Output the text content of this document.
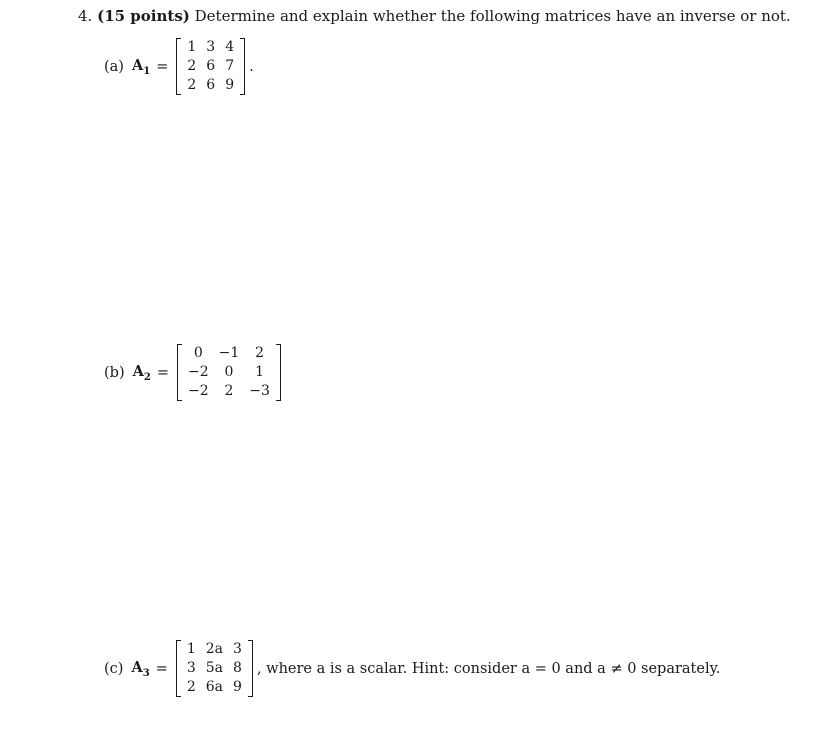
4. (15 points) Determine and explain whether the following matrices have an inverse or not.
(a) $A_1$ =
1	3	4
2	6	7
2	6	9
.
(b) $A_2$ =
0	−1	2
−2	0	1
−2	2	−3
(c) $A_3$ =
1	2a	3
3	5a	8
2	6a	9
, where a is a scalar. Hint: consider a = 0 and a ≠ 0 separately.
